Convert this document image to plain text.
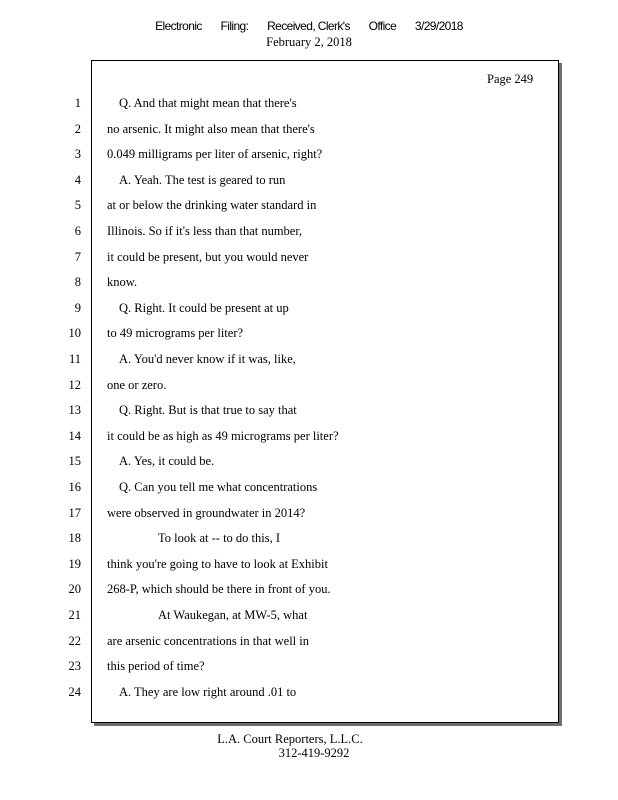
Electronic Filing: Received, Clerk's Office 3/29/2018
February 2, 2018
Page 249
1	Q. And that might mean that there's
2 no arsenic. It might also mean that there's
3 0.049 milligrams per liter of arsenic, right?
4	A. Yeah. The test is geared to run
5 at or below the drinking water standard in
6 Illinois. So if it's less than that number,
7 it could be present, but you would never
8 know.
9	Q. Right. It could be present at up
10 to 49 micrograms per liter?
11	A. You'd never know if it was, like,
12 one or zero.
13	Q. Right. But is that true to say that
14 it could be as high as 49 micrograms per liter?
15	A. Yes, it could be.
16	Q. Can you tell me what concentrations
17 were observed in groundwater in 2014?
18	To look at -- to do this, I
19 think you're going to have to look at Exhibit
20 268-P, which should be there in front of you.
21	At Waukegan, at MW-5, what
22 are arsenic concentrations in that well in
23 this period of time?
24	A. They are low right around .01 to
L.A. Court Reporters, L.L.C.
312-419-9292
